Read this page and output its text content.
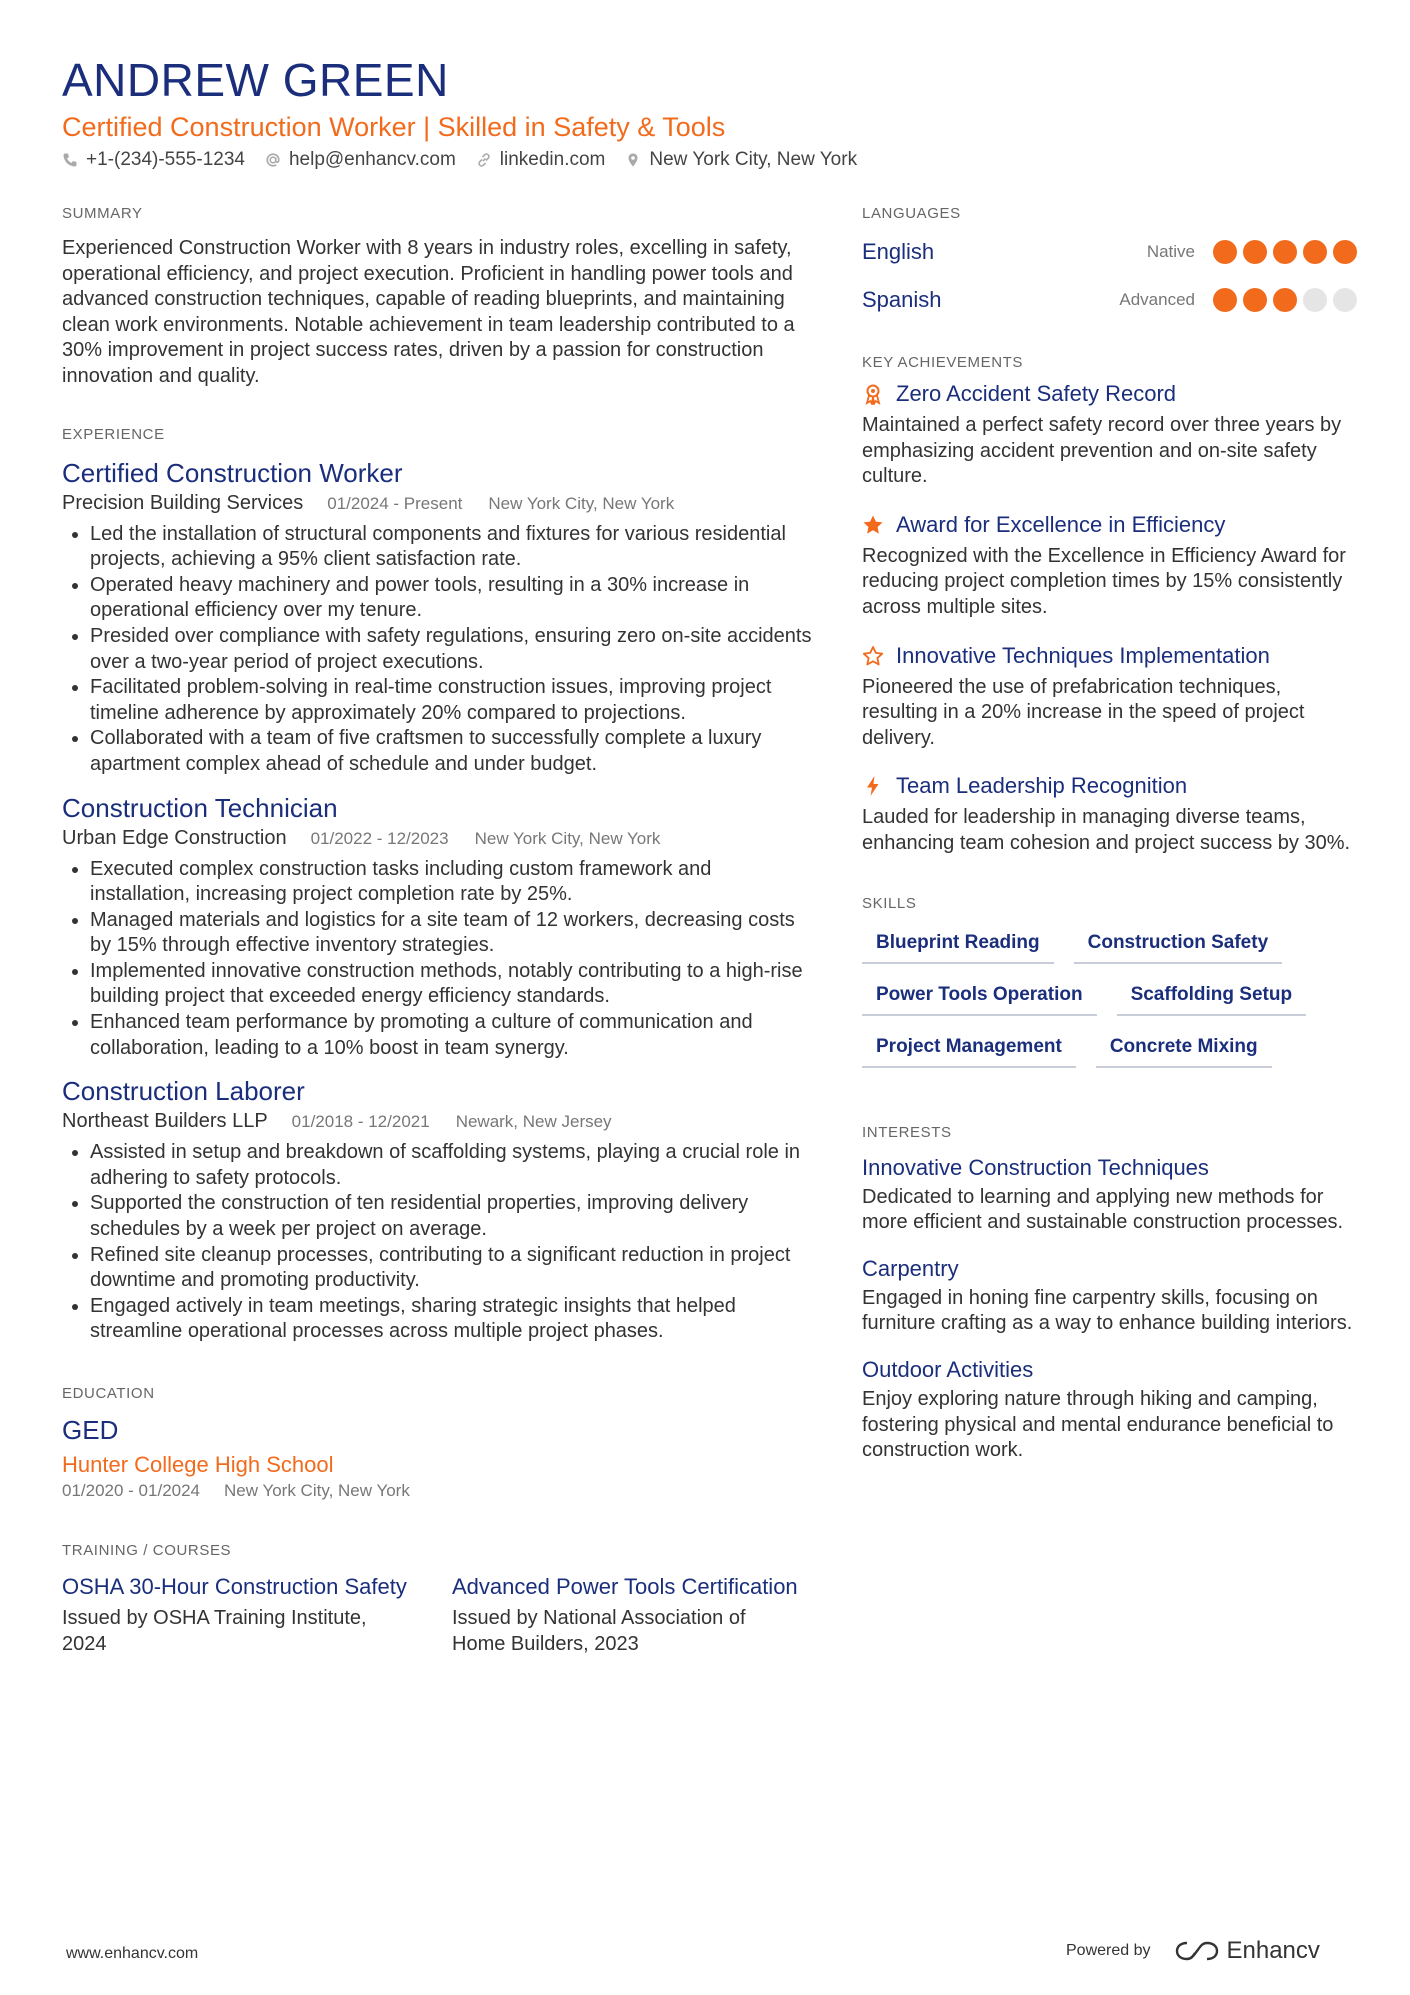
ANDREW GREEN
Certified Construction Worker | Skilled in Safety & Tools
+1-(234)-555-1234 help@enhancv.com linkedin.com New York City, New York
SUMMARY
Experienced Construction Worker with 8 years in industry roles, excelling in safety, operational efficiency, and project execution. Proficient in handling power tools and advanced construction techniques, capable of reading blueprints, and maintaining clean work environments. Notable achievement in team leadership contributed to a 30% improvement in project success rates, driven by a passion for construction innovation and quality.
EXPERIENCE
Certified Construction Worker
Precision Building Services 01/2024 - Present New York City, New York
• Led the installation of structural components and fixtures for various residential projects, achieving a 95% client satisfaction rate.
• Operated heavy machinery and power tools, resulting in a 30% increase in operational efficiency over my tenure.
• Presided over compliance with safety regulations, ensuring zero on-site accidents over a two-year period of project executions.
• Facilitated problem-solving in real-time construction issues, improving project timeline adherence by approximately 20% compared to projections.
• Collaborated with a team of five craftsmen to successfully complete a luxury apartment complex ahead of schedule and under budget.
Construction Technician
Urban Edge Construction 01/2022 - 12/2023 New York City, New York
• Executed complex construction tasks including custom framework and installation, increasing project completion rate by 25%.
• Managed materials and logistics for a site team of 12 workers, decreasing costs by 15% through effective inventory strategies.
• Implemented innovative construction methods, notably contributing to a high-rise building project that exceeded energy efficiency standards.
• Enhanced team performance by promoting a culture of communication and collaboration, leading to a 10% boost in team synergy.
Construction Laborer
Northeast Builders LLP 01/2018 - 12/2021 Newark, New Jersey
• Assisted in setup and breakdown of scaffolding systems, playing a crucial role in adhering to safety protocols.
• Supported the construction of ten residential properties, improving delivery schedules by a week per project on average.
• Refined site cleanup processes, contributing to a significant reduction in project downtime and promoting productivity.
• Engaged actively in team meetings, sharing strategic insights that helped streamline operational processes across multiple project phases.
EDUCATION
GED
Hunter College High School
01/2020 - 01/2024 New York City, New York
TRAINING / COURSES
OSHA 30-Hour Construction Safety
Issued by OSHA Training Institute, 2024
Advanced Power Tools Certification
Issued by National Association of Home Builders, 2023
LANGUAGES
English	Native
Spanish	Advanced
KEY ACHIEVEMENTS
Zero Accident Safety Record
Maintained a perfect safety record over three years by emphasizing accident prevention and on-site safety culture.
Award for Excellence in Efficiency
Recognized with the Excellence in Efficiency Award for reducing project completion times by 15% consistently across multiple sites.
Innovative Techniques Implementation
Pioneered the use of prefabrication techniques, resulting in a 20% increase in the speed of project delivery.
Team Leadership Recognition
Lauded for leadership in managing diverse teams, enhancing team cohesion and project success by 30%.
SKILLS
Blueprint Reading	Construction Safety
Power Tools Operation	Scaffolding Setup
Project Management	Concrete Mixing
INTERESTS
Innovative Construction Techniques
Dedicated to learning and applying new methods for more efficient and sustainable construction processes.
Carpentry
Engaged in honing fine carpentry skills, focusing on furniture crafting as a way to enhance building interiors.
Outdoor Activities
Enjoy exploring nature through hiking and camping, fostering physical and mental endurance beneficial to construction work.
www.enhancv.com	Powered by	Enhancv
